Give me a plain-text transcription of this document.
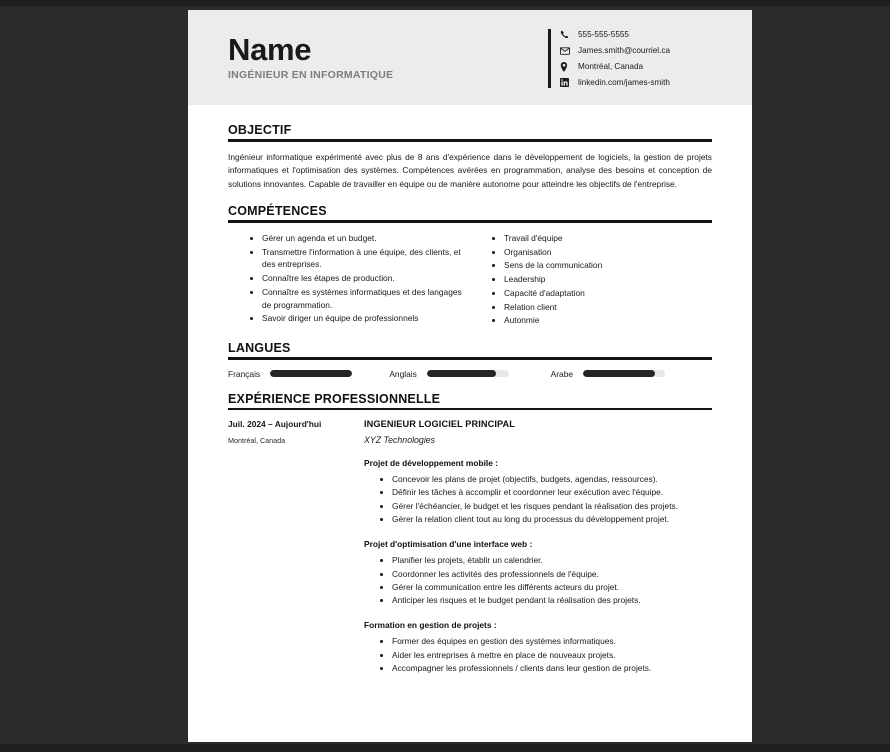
Name
INGÉNIEUR EN INFORMATIQUE
555-555-5555
James.smith@courriel.ca
Montréal, Canada
linkedin.com/james-smith
OBJECTIF

Ingénieur informatique expérimenté avec plus de 8 ans d'expérience dans le développement de logiciels, la gestion de projets informatiques et l'optimisation des systèmes. Compétences avérées en programmation, analyse des besoins et conception de solutions innovantes. Capable de travailler en équipe ou de manière autonome pour atteindre les objectifs de l'entreprise.

COMPÉTENCES
• Gérer un agenda et un budget.
• Transmettre l'information à une équipe, des clients, et des entreprises.
• Connaître les étapes de production.
• Connaître es systèmes informatiques et des langages de programmation.
• Savoir diriger un équipe de professionnels
• Travail d'équipe
• Organisation
• Sens de la communication
• Leadership
• Capacité d'adaptation
• Relation client
• Autonmie
LANGUES
Français	Anglais	Arabe
EXPÉRIENCE PROFESSIONNELLE
Juil. 2024 – Aujourd'hui
Montréal, Canada
INGENIEUR LOGICIEL PRINCIPAL
XYZ Technologies
Projet de développement mobile :
• Concevoir les plans de projet (objectifs, budgets, agendas, ressources).
• Définir les tâches à accomplir et coordonner leur exécution avec l'équipe.
• Gérer l'échéancier, le budget et les risques pendant la réalisation des projets.
• Gérer la relation client tout au long du processus du développement projet.
Projet d'optimisation d'une interface web :
• Planifier les projets, établir un calendrier.
• Coordonner les activités des professionnels de l'équipe.
• Gérer la communication entre les différents acteurs du projet.
• Anticiper les risques et le budget pendant la réalisation des projets.
Formation en gestion de projets :
• Former des équipes en gestion des systèmes informatiques.
• Aider les entreprises à mettre en place de nouveaux projets.
• Accompagner les professionnels / clients dans leur gestion de projets.
